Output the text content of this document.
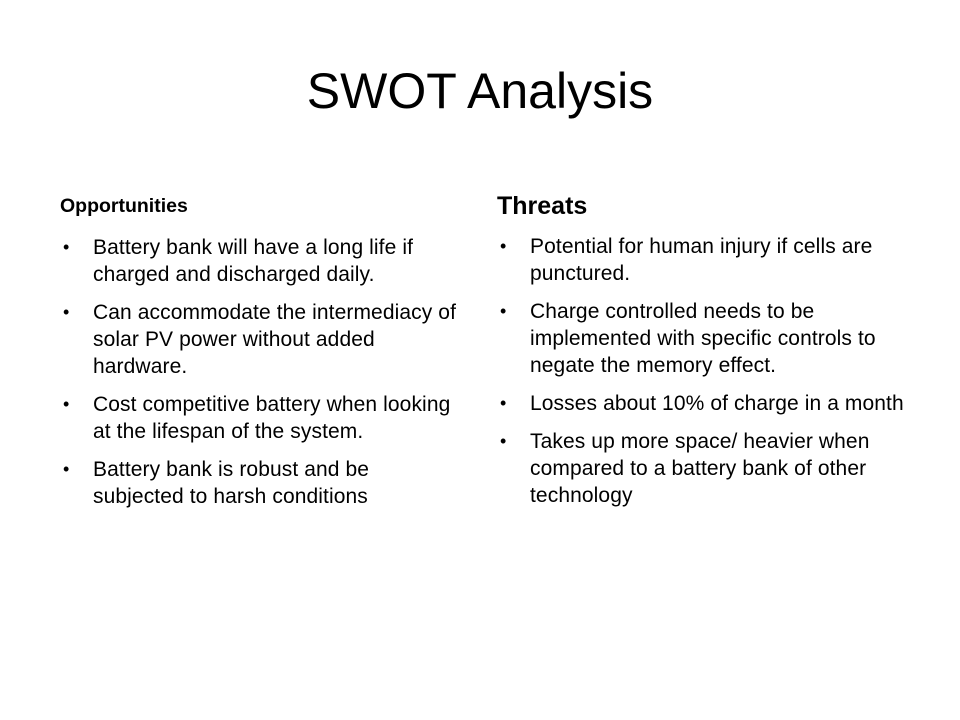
SWOT Analysis
Opportunities
• Battery bank will have a long life if charged and discharged daily.
• Can accommodate the intermediacy of solar PV power without added hardware.
• Cost competitive battery when looking at the lifespan of the system.
• Battery bank is robust and be subjected to harsh conditions
Threats
• Potential for human injury if cells are punctured.
• Charge controlled needs to be implemented with specific controls to negate the memory effect.
• Losses about 10% of charge in a month
• Takes up more space/ heavier when compared to a battery bank of other technology
